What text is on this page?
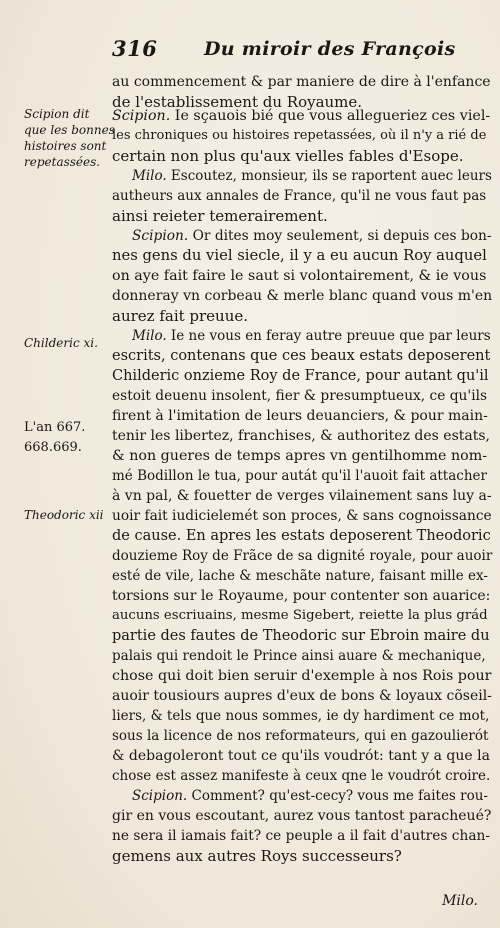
316 Du miroir des François
Scipion dit
que les bonnes
histoires sont
repetassées.
Childeric xi.
L'an 667.
668.669.
Theodoric xii
au commencement & par maniere de dire à l'enfance
de l'establissement du Royaume.
Scipion. Ie sçauois bié que vous allegueriez ces viel-
les chroniques ou histoires repetassées, où il n'y a rié de
certain non plus qu'aux vielles fables d'Esope.
Milo. Escoutez, monsieur, ils se raportent auec leurs
autheurs aux annales de France, qu'il ne vous faut pas
ainsi reieter temerairement.
Scipion. Or dites moy seulement, si depuis ces bon-
nes gens du viel siecle, il y a eu aucun Roy auquel
on aye fait faire le saut si volontairement, & ie vous
donneray vn corbeau & merle blanc quand vous m'en
aurez fait preuue.
Milo. Ie ne vous en feray autre preuue que par leurs
escrits, contenans que ces beaux estats deposerent
Childeric onzieme Roy de France, pour autant qu'il
estoit deuenu insolent, fier & presumptueux, ce qu'ils
firent à l'imitation de leurs deuanciers, & pour main-
tenir les libertez, franchises, & authoritez des estats,
& non gueres de temps apres vn gentilhomme nom-
mé Bodillon le tua, pour autát qu'il l'auoit fait attacher
à vn pal, & fouetter de verges vilainement sans luy a-
uoir fait iudicielemét son proces, & sans cognoissance
de cause. En apres les estats deposerent Theodoric
douzieme Roy de Frãce de sa dignité royale, pour auoir
esté de vile, lache & meschãte nature, faisant mille ex-
torsions sur le Royaume, pour contenter son auarice:
aucuns escriuains, mesme Sigebert, reiette la plus grád
partie des fautes de Theodoric sur Ebroin maire du
palais qui rendoit le Prince ainsi auare & mechanique,
chose qui doit bien seruir d'exemple à nos Rois pour
auoir tousiours aupres d'eux de bons & loyaux cõseil-
liers, & tels que nous sommes, ie dy hardiment ce mot,
sous la licence de nos reformateurs, qui en gazoulierót
& debagoleront tout ce qu'ils voudrót: tant y a que la
chose est assez manifeste à ceux qne le voudrót croire.
Scipion. Comment? qu'est-cecy? vous me faites rou-
gir en vous escoutant, aurez vous tantost paracheué?
ne sera il iamais fait? ce peuple a il fait d'autres chan-
gemens aux autres Roys successeurs?
Milo.
